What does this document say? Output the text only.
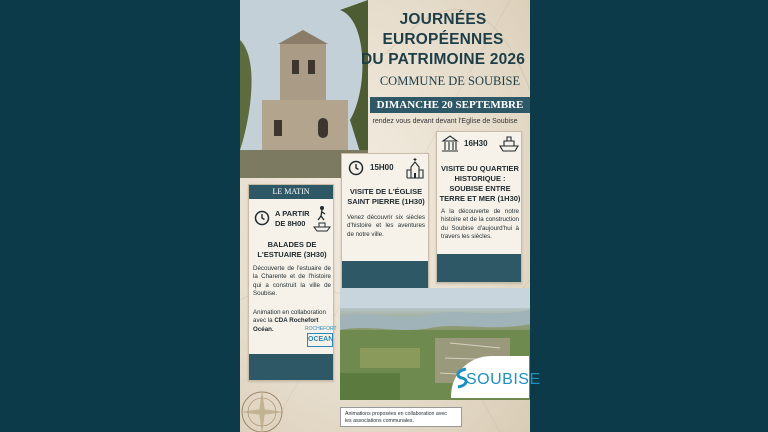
JOURNÉES EUROPÉENNES
DU PATRIMOINE 2026
COMMUNE DE SOUBISE
DIMANCHE 20 SEPTEMBRE
rendez vous devant devant l'Eglise de Soubise
LE MATIN
A PARTIR
DE 8H00
BALADES DE
L'ESTUAIRE (3H30)
Découverte de l'estuaire de la Charente et de l'histoire qui a construit la ville de Soubise.
Animation en collaboration
avec la CDA Rochefort Océan.	ROCHEFORT
OCEAN
15H00
VISITE DE L'ÉGLISE
SAINT PIERRE (1H30)
Venez découvrir six siècles d'histoire et les aventures de notre ville.
16H30
VISITE DU QUARTIER
HISTORIQUE :
SOUBISE ENTRE
TERRE ET MER (1H30)
A la découverte de notre histoire et de la construction du Soubise d'aujourd'hui à travers les siècles.
SOUBISE
Animations proposées en collaboration avec
les associations communales.
